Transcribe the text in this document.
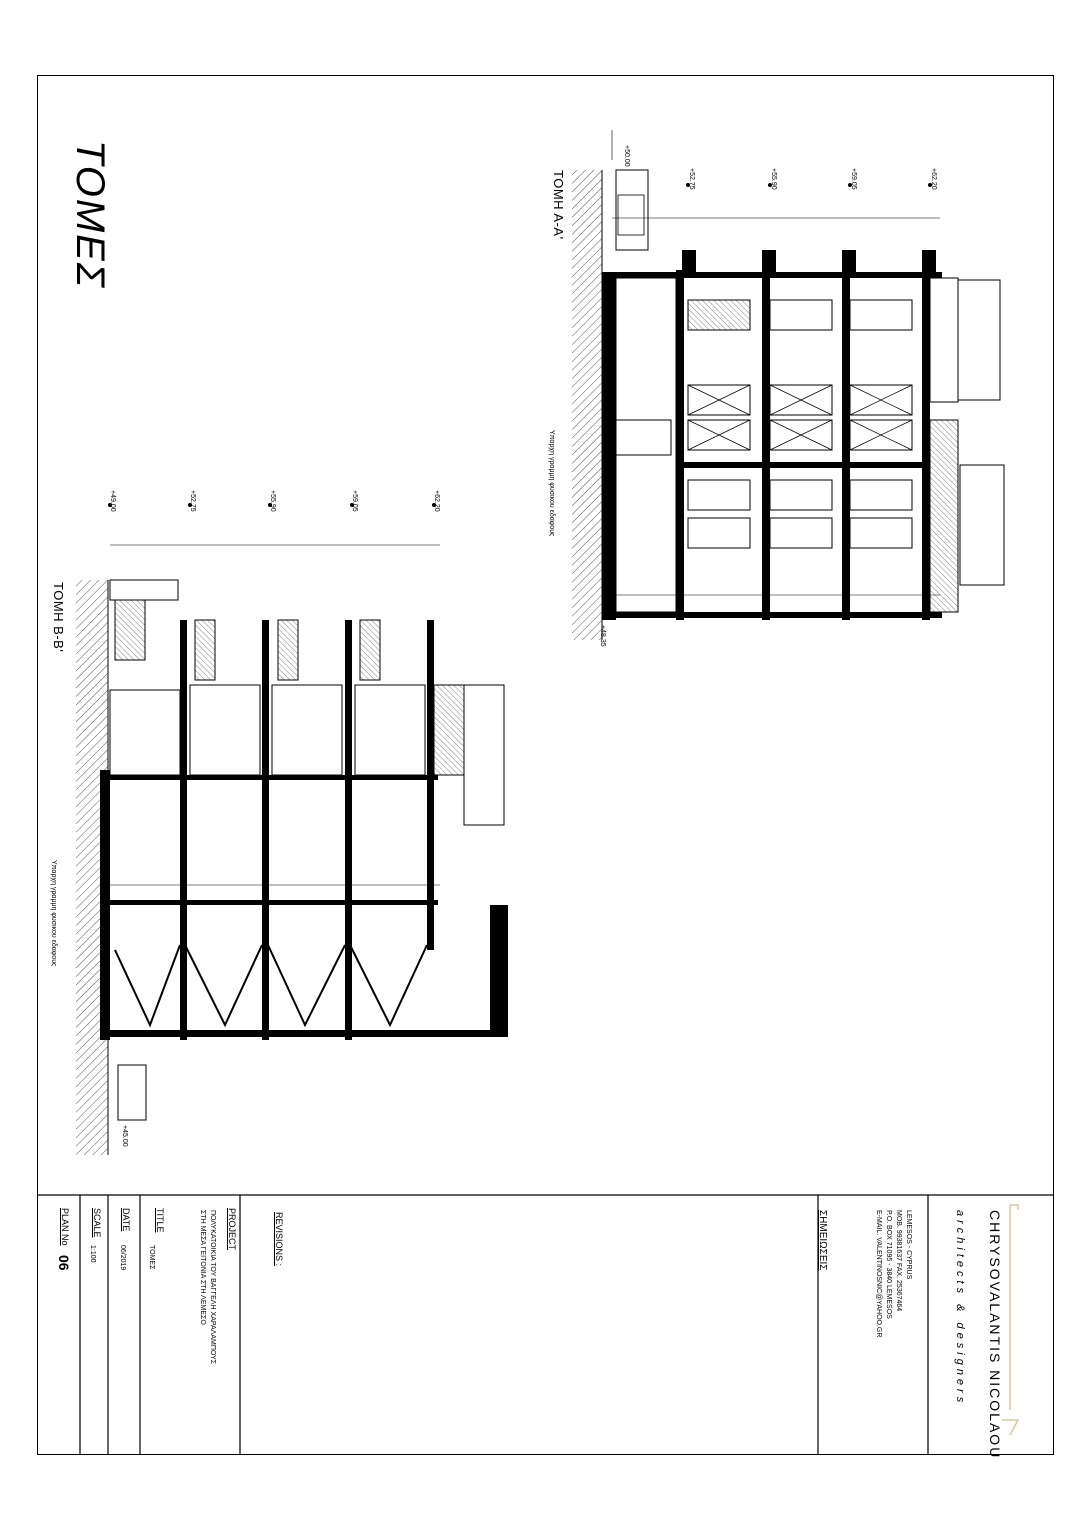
ΤΟΜΕΣ	ΤΟΜΗ Α-Α'
ΤΟΜΗ Β-Β'
Υπαρχη γραμμη φυσικου εδαφους
Υπαρχη γραμμη φυσικου εδαφους
+62.20
+59.05
+55.90
+52.75
+50.00
+48.35
+62.20
+59.05
+55.90
+52.75
+49.00
+45.00
CHRYSOVALANTIS NICOLAOU
architects & designers
LEMESOS - CYPRUS
MOB. 99381637 FAX. 25367464
P.O. BOX 71095 - 3840 LEMESOS
E-MAIL. VALENTINOSNIC@YAHOO.GR
ΣΗΜΕΙΩΣΕΙΣ
REVISIONS :
PROJECT
ΠΟΛΥΚΑΤΟΙΚΙΑ ΤΟΥ ΒΑΓΓΕΛΗ ΧΑΡΑΛΑΜΠΟΥΣ
ΣΤΗ ΜΕΣΑ ΓΕΙΤΟΝΙΑ ΣΤΗ ΛΕΜΕΣΟ
TITLE
ΤΟΜΕΣ
DATE
06/2019
SCALE
1:100
PLAN No
06
